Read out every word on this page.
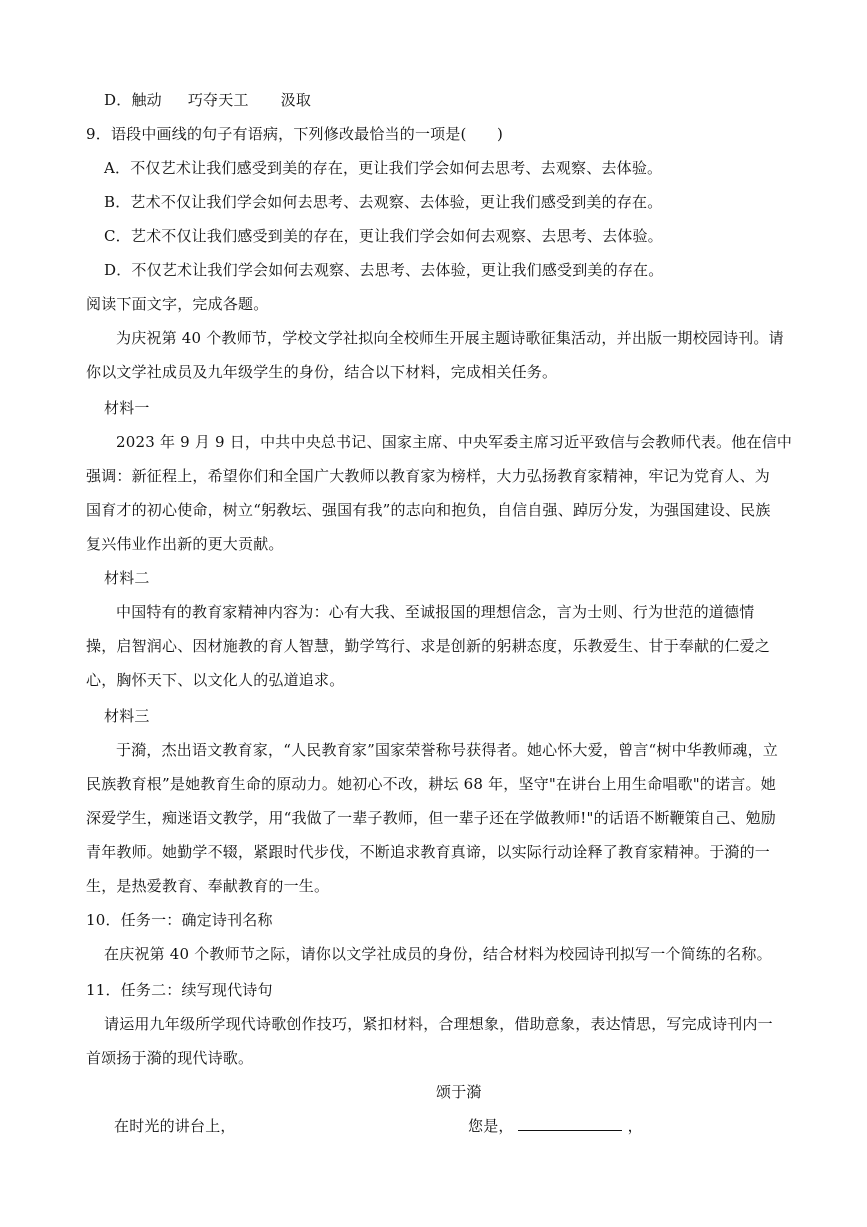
D．触动 巧夺天工 汲取
9．语段中画线的句子有语病，下列修改最恰当的一项是(　　)
A．不仅艺术让我们感受到美的存在，更让我们学会如何去思考、去观察、去体验。
B．艺术不仅让我们学会如何去思考、去观察、去体验，更让我们感受到美的存在。
C．艺术不仅让我们感受到美的存在，更让我们学会如何去观察、去思考、去体验。
D．不仅艺术让我们学会如何去观察、去思考、去体验，更让我们感受到美的存在。
阅读下面文字，完成各题。
为庆祝第 40 个教师节，学校文学社拟向全校师生开展主题诗歌征集活动，并出版一期校园诗刊。请
你以文学社成员及九年级学生的身份，结合以下材料，完成相关任务。
材料一
2023 年 9 月 9 日，中共中央总书记、国家主席、中央军委主席习近平致信与会教师代表。他在信中
强调：新征程上，希望你们和全国广大教师以教育家为榜样，大力弘扬教育家精神，牢记为党育人、为
国育才的初心使命，树立“躬敎坛、强国有我”的志向和抱负，自信自强、踔厉分发，为强国建设、民族
复兴伟业作出新的更大贡献。
材料二
中国特有的教育家精神内容为：心有大我、至诚报国的理想信念，言为士则、行为世范的道德情
操，启智润心、因材施教的育人智慧，勤学笃行、求是创新的躬耕态度，乐教爱生、甘于奉献的仁爱之
心，胸怀天下、以文化人的弘道追求。
材料三
于漪，杰出语文教育家，“人民教育家”国家荣誉称号获得者。她心怀大爱，曾言“树中华教师魂，立
民族教育根”是她教育生命的原动力。她初心不改，耕坛 68 年，坚守"在讲台上用生命唱歌"的诺言。她
深爱学生，痴迷语文教学，用“我做了一辈子教师，但一辈子还在学做教师!"的话语不断鞭策自己、勉励
青年教师。她勤学不辍，紧跟时代步伐，不断追求教育真谛，以实际行动诠释了教育家精神。于漪的一
生，是热爱教育、奉献教育的一生。
10．任务一：确定诗刊名称
在庆祝第 40 个教师节之际，请你以文学社成员的身份，结合材料为校园诗刊拟写一个简练的名称。
11．任务二：续写现代诗句
请运用九年级所学现代诗歌创作技巧，紧扣材料，合理想象，借助意象，表达情思，写完成诗刊内一
首颂扬于漪的现代诗歌。
颂于漪
在时光的讲台上，	您是，	，
